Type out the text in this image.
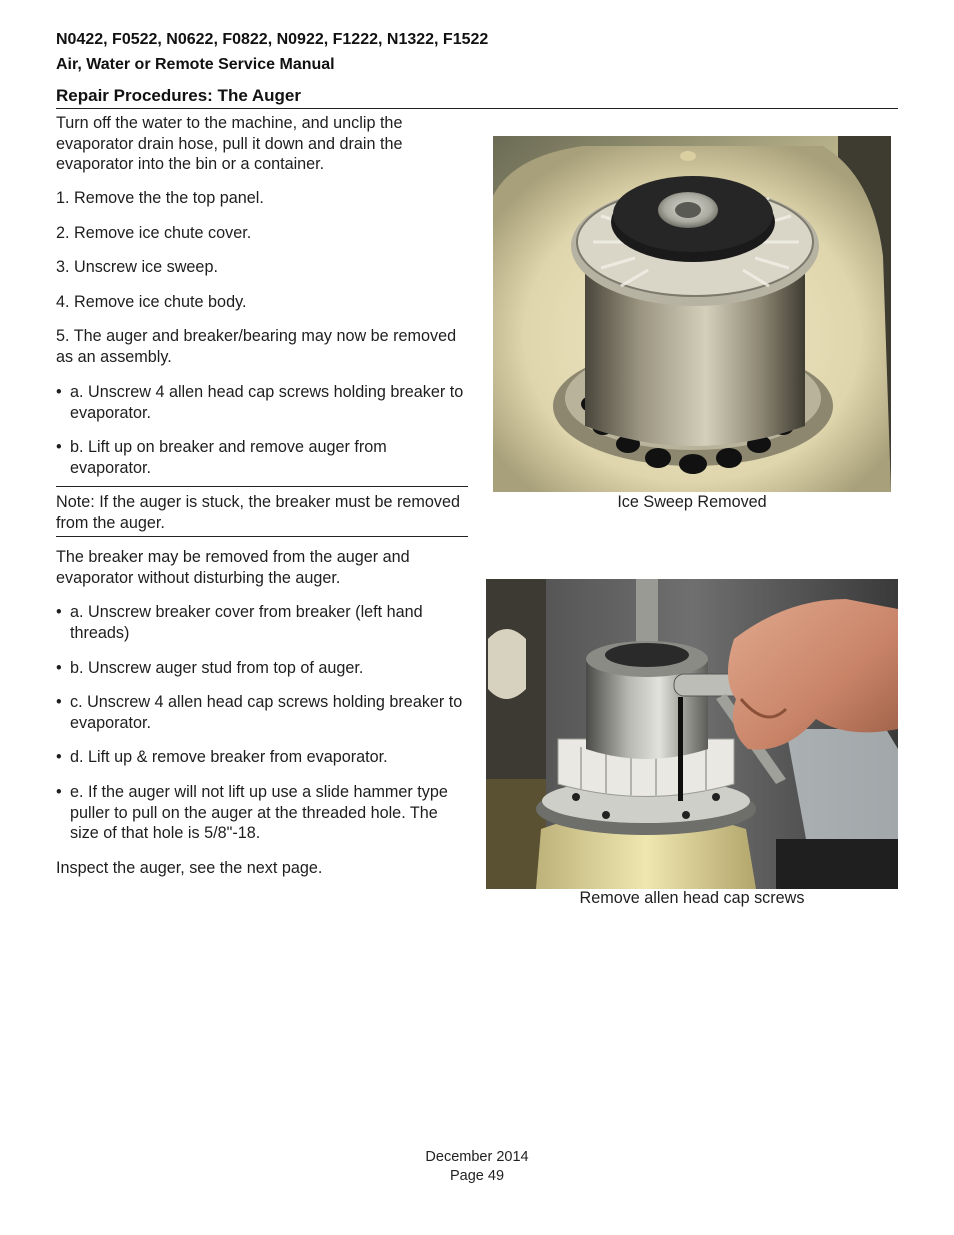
N0422, F0522, N0622, F0822, N0922, F1222, N1322, F1522
Air, Water or Remote Service Manual
Repair Procedures: The Auger

Turn off the water to the machine, and unclip the evaporator drain hose, pull it down and drain the evaporator into the bin or a container.

1. Remove the the top panel.

2. Remove ice chute cover.

3. Unscrew ice sweep.

4. Remove ice chute body.

5. The auger and breaker/bearing may now be removed as an assembly.

• a. Unscrew 4 allen head cap screws holding breaker to evaporator.
• b. Lift up on breaker and remove auger from evaporator.

Note: If the auger is stuck, the breaker must be removed from the auger.

The breaker may be removed from the auger and evaporator without disturbing the auger.

• a. Unscrew breaker cover from breaker (left hand threads)
• b. Unscrew auger stud from top of auger.
• c. Unscrew 4 allen head cap screws holding breaker to evaporator.
• d. Lift up & remove breaker from evaporator.
• e. If the auger will not lift up use a slide hammer type puller to pull on the auger at the threaded hole. The size of that hole is 5/8"-18.

Inspect the auger, see the next page.

Ice Sweep Removed
Remove allen head cap screws
December 2014
Page 49
